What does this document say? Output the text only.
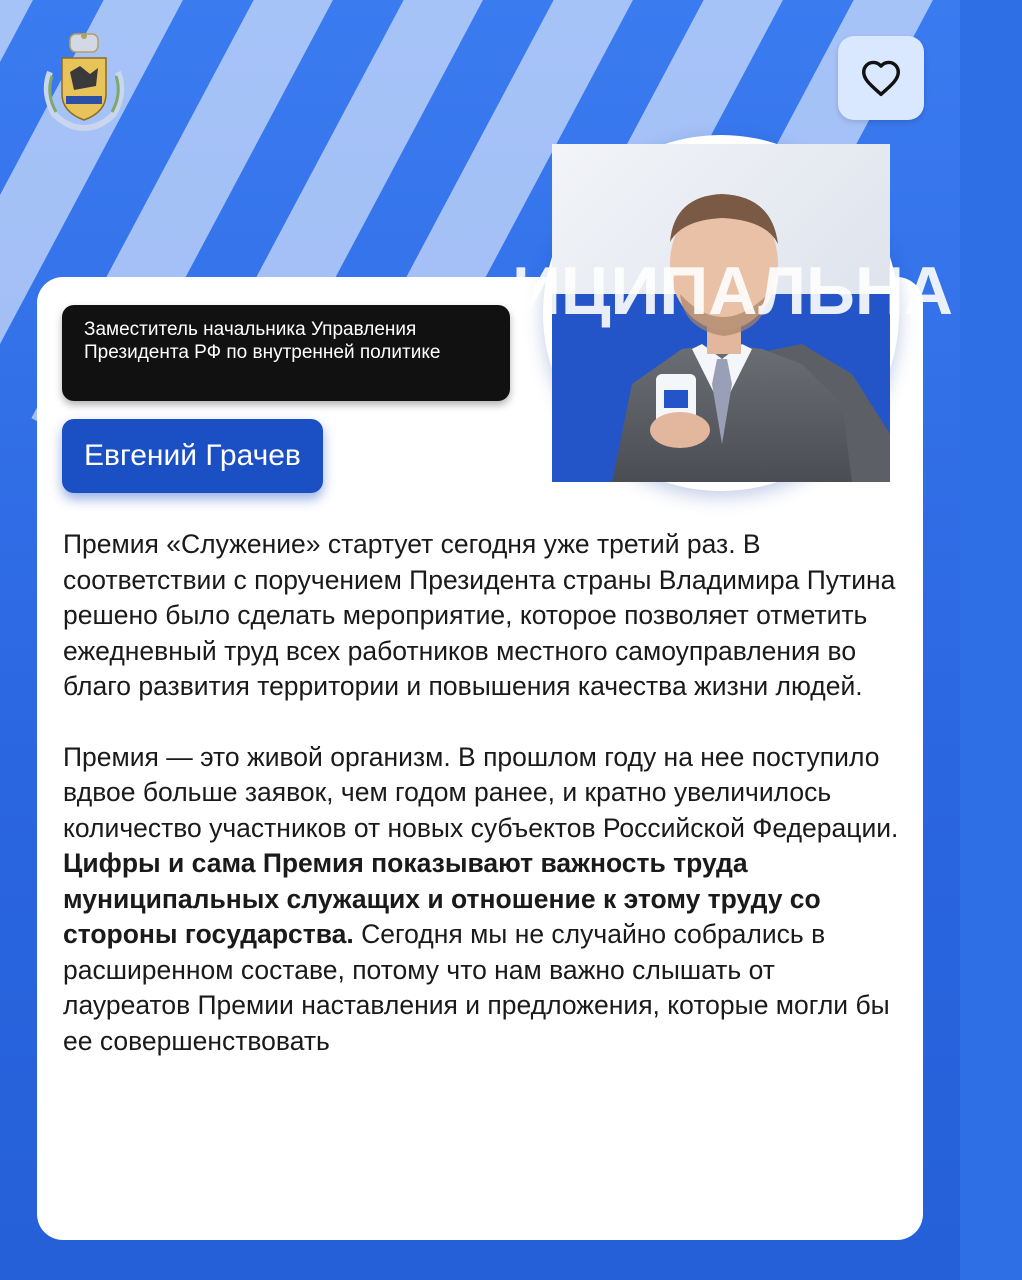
ИЦИПАЛЬНА
Заместитель начальника Управления Президента РФ по внутренней политике
Евгений Грачев

Премия «Служение» стартует сегодня уже третий раз. В соответствии с поручением Президента страны Владимира Путина решено было сделать мероприятие, которое позволяет отметить ежедневный труд всех работников местного самоуправления во благо развития территории и повышения качества жизни людей.

Премия — это живой организм. В прошлом году на нее поступило вдвое больше заявок, чем годом ранее, и кратно увеличилось количество участников от новых субъектов Российской Федерации. Цифры и сама Премия показывают важность труда муниципальных служащих и отношение к этому труду со стороны государства. Сегодня мы не случайно собрались в расширенном составе, потому что нам важно слышать от лауреатов Премии наставления и предложения, которые могли бы ее совершенствовать
